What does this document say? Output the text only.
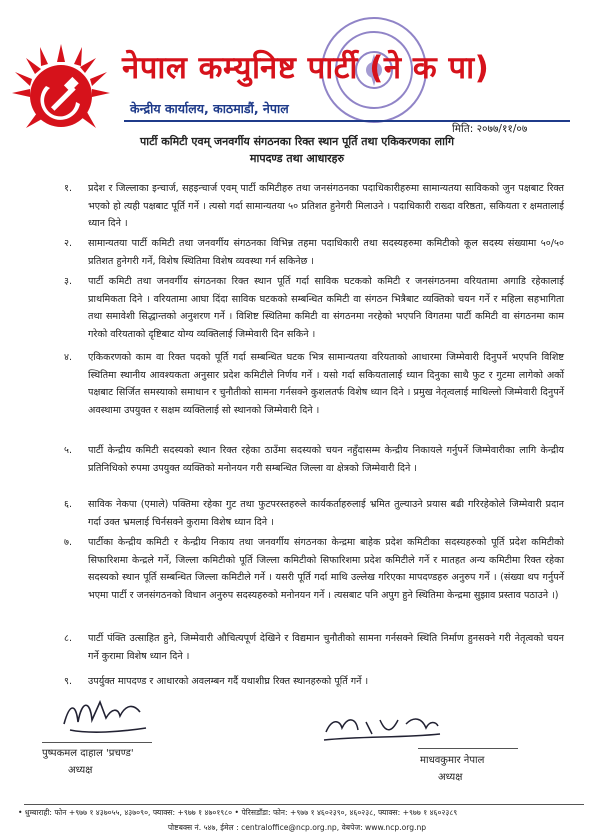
नेपाल कम्युनिष्ट पार्टी (ने क पा)
केन्द्रीय कार्यालय, काठमाडौं, नेपाल
मिति: २०७७/११/०७
पार्टी कमिटी एवम् जनवर्गीय संगठनका रिक्त स्थान पूर्ति तथा एकिकरणका लागि
मापदण्ड तथा आधारहरु
१. प्रदेश र जिल्लाका इन्चार्ज, सहइन्चार्ज एवम् पार्टी कमिटीहरु तथा जनसंगठनका पदाधिकारीहरुमा सामान्यतया साविकको जुन पक्षबाट रिक्त भएको हो त्यही पक्षबाट पूर्ति गर्ने । त्यसो गर्दा सामान्यतया ५० प्रतिशत हुनेगरी मिलाउने । पदाधिकारी राख्दा वरिष्ठता, सकियता र क्षमतालाई ध्यान दिने ।
२. सामान्यतया पार्टी कमिटी तथा जनवर्गीय संगठनका विभिन्न तहमा पदाधिकारी तथा सदस्यहरुमा कमिटीको कूल सदस्य संख्यामा ५०/५० प्रतिशत हुनेगरी गर्ने, विशेष स्थितिमा विशेष व्यवस्था गर्न सकिनेछ ।
३. पार्टी कमिटी तथा जनवर्गीय संगठनका रिक्त स्थान पूर्ति गर्दा साविक घटकको कमिटी र जनसंगठनमा वरियतामा अगाडि रहेकालाई प्राथमिकता दिने । वरियतामा आघा दिंदा साविक घटकको सम्बन्धित कमिटी वा संगठन भित्रैबाट व्यक्तिको चयन गर्ने र महिला सहभागिता तथा समावेशी सिद्धान्तको अनुशरण गर्ने । विशिष्ट स्थितिमा कमिटी वा संगठनमा नरहेको भएपनि विगतमा पार्टी कमिटी वा संगठनमा काम गरेको वरियताको दृष्टिबाट योग्य व्यक्तिलाई जिम्मेवारी दिन सकिने ।
४. एकिकरणको काम वा रिक्त पदको पूर्ति गर्दा सम्बन्धित घटक भित्र सामान्यतया वरियताको आधारमा जिम्मेवारी दिनुपर्ने भएपनि विशिष्ट स्थितिमा स्थानीय आवश्यकता अनुसार प्रदेश कमिटीले निर्णय गर्ने । यसो गर्दा सकियतालाई ध्यान दिनुका साथै फुट र गुटमा लागेको अर्को पक्षबाट सिर्जित समस्याको समाधान र चुनौतीको सामना गर्नसक्ने कुशलतर्फ विशेष ध्यान दिने । प्रमुख नेतृत्वलाई माथिल्लो जिम्मेवारी दिनुपर्ने अवस्थामा उपयुक्त र सक्षम व्यक्तिलाई सो स्थानको जिम्मेवारी दिने ।
५. पार्टी केन्द्रीय कमिटी सदस्यको स्थान रिक्त रहेका ठाउँमा सदस्यको चयन नहुँदासम्म केन्द्रीय निकायले गर्नुपर्ने जिम्मेवारीका लागि केन्द्रीय प्रतिनिधिको रुपमा उपयुक्त व्यक्तिको मनोनयन गरी सम्बन्धित जिल्ला वा क्षेत्रको जिम्मेवारी दिने ।
६. साविक नेकपा (एमाले) पक्तिमा रहेका गुट तथा फुटपरस्तहरुले कार्यकर्ताहरुलाई भ्रमित तुल्याउने प्रयास बढी गरिरहेकोले जिम्मेवारी प्रदान गर्दा उक्त भ्रमलाई चिर्नसक्ने कुरामा विशेष ध्यान दिने ।
७. पार्टीका केन्द्रीय कमिटी र केन्द्रीय निकाय तथा जनवर्गीय संगठनका केन्द्रमा बाहेक प्रदेश कमिटीका सदस्यहरुको पूर्ति प्रदेश कमिटीको सिफारिशमा केन्द्रले गर्ने, जिल्ला कमिटीको पूर्ति जिल्ला कमिटीको सिफारिशमा प्रदेश कमिटीले गर्ने र मातहत अन्य कमिटीमा रिक्त रहेका सदस्यको स्थान पूर्ति सम्बन्धित जिल्ला कमिटीले गर्ने । यसरी पूर्ति गर्दा माथि उल्लेख गरिएका मापदण्डहरु अनुरुप गर्ने । (संख्या थप गर्नुपर्ने भएमा पार्टी र जनसंगठनको विधान अनुरुप सदस्यहरुको मनोनयन गर्ने । त्यसबाट पनि अपुग हुने स्थितिमा केन्द्रमा सुझाव प्रस्ताव पठाउने ।)
८. पार्टी पंक्ति उत्साहित हुने, जिम्मेवारी औचित्यपूर्ण देखिने र विद्यमान चुनौतीको सामना गर्नसक्ने स्थिति निर्माण हुनसक्ने गरी नेतृत्वको चयन गर्ने कुरामा विशेष ध्यान दिने ।
९. उपर्युक्त मापदण्ड र आधारको अवलम्बन गर्दै यथाशीघ्र रिक्त स्थानहरुको पूर्ति गर्ने ।
पुष्पकमल दाहाल 'प्रचण्ड'
अध्यक्ष
माधवकुमार नेपाल
अध्यक्ष
• धुम्बाराही: फोन +९७७ १ ४३७०५५, ४३७०९०, फ्याक्स: +९७७ १ ४७०१९८० • पेरिसडाँडा: फोन: +९७७ १ ४६०२३९०, ४६०२३८, फ्याक्स: +९७७ १ ४६०२३८९
पोष्टबक्स नं. ५४७, ईमेल : centraloffice@ncp.org.np, वेबपेज: www.ncp.org.np
